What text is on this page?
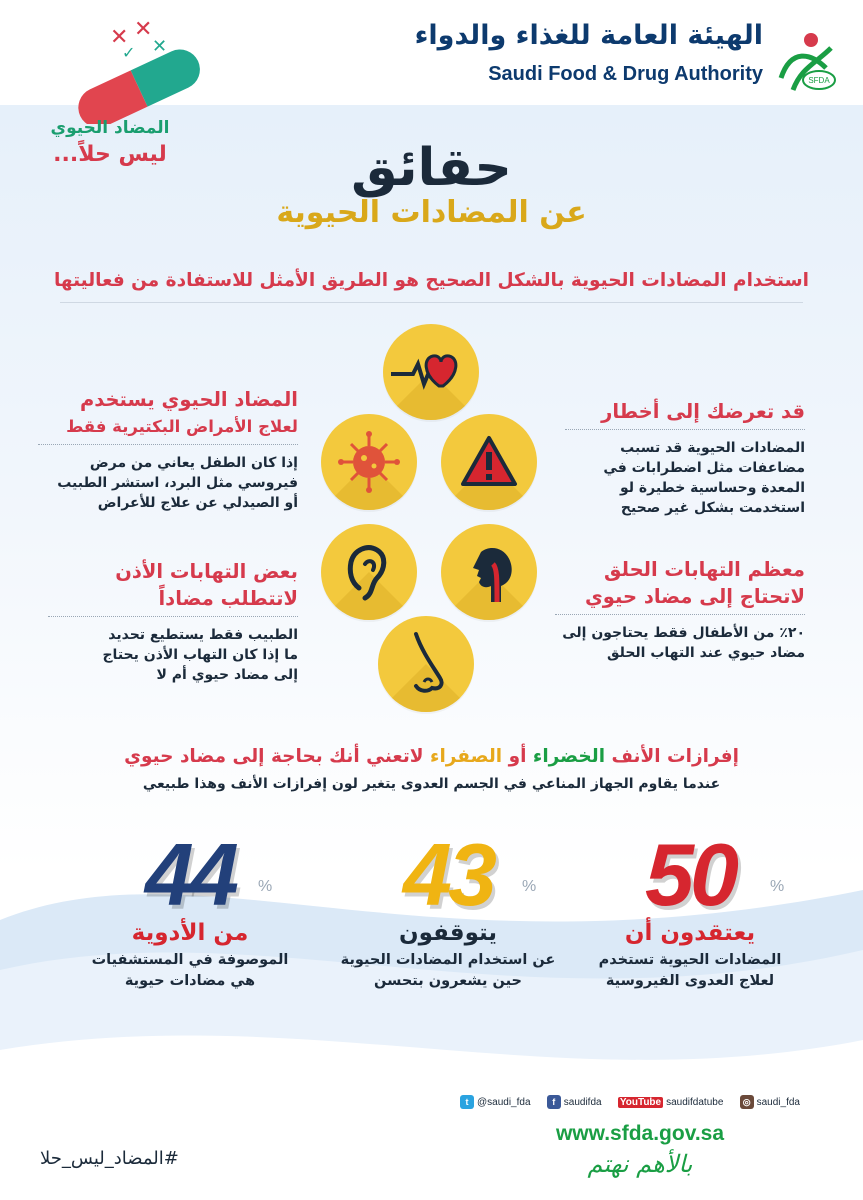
الهيئة العامة للغذاء والدواء
Saudi Food & Drug Authority	SFDA
✕ ✕
✕
✓
المضاد الحيوي
ليس حلاً...	حقائق
عن المضادات الحيوية
استخدام المضادات الحيوية بالشكل الصحيح هو الطريق الأمثل للاستفادة من فعاليتها
قد تعرضك إلى أخطار
المضادات الحيوية قد تسبب
مضاعفات مثل اضطرابات في
المعدة وحساسية خطيرة لو
استخدمت بشكل غير صحيح
المضاد الحيوي يستخدم
لعلاج الأمراض البكتيرية فقط
إذا كان الطفل يعاني من مرض
فيروسي مثل البرد، استشر الطبيب
أو الصيدلي عن علاج للأعراض
معظم التهابات الحلق
لاتحتاج إلى مضاد حيوي
٢٠٪ من الأطفال فقط يحتاجون إلى
مضاد حيوي عند التهاب الحلق
بعض التهابات الأذن
لاتتطلب مضاداً
الطبيب فقط يستطيع تحديد
ما إذا كان التهاب الأذن يحتاج
إلى مضاد حيوي أم لا
إفرازات الأنف الخضراء أو الصفراء لاتعني أنك بحاجة إلى مضاد حيوي
عندما يقاوم الجهاز المناعي في الجسم العدوى يتغير لون إفرازات الأنف وهذا طبيعي
50	%
يعتقدون أن
المضادات الحيوية تستخدم
لعلاج العدوى الفيروسية
43	%
يتوقفون
عن استخدام المضادات الحيوية
حين يشعرون بتحسن
44	%
من الأدوية
الموصوفة في المستشفيات
هي مضادات حيوية
t @saudi_fda	f saudifda YouTube saudifdatube	◎ saudi_fda
www.sfda.gov.sa
بالأهم نهتم
#المضاد_ليس_حلا
